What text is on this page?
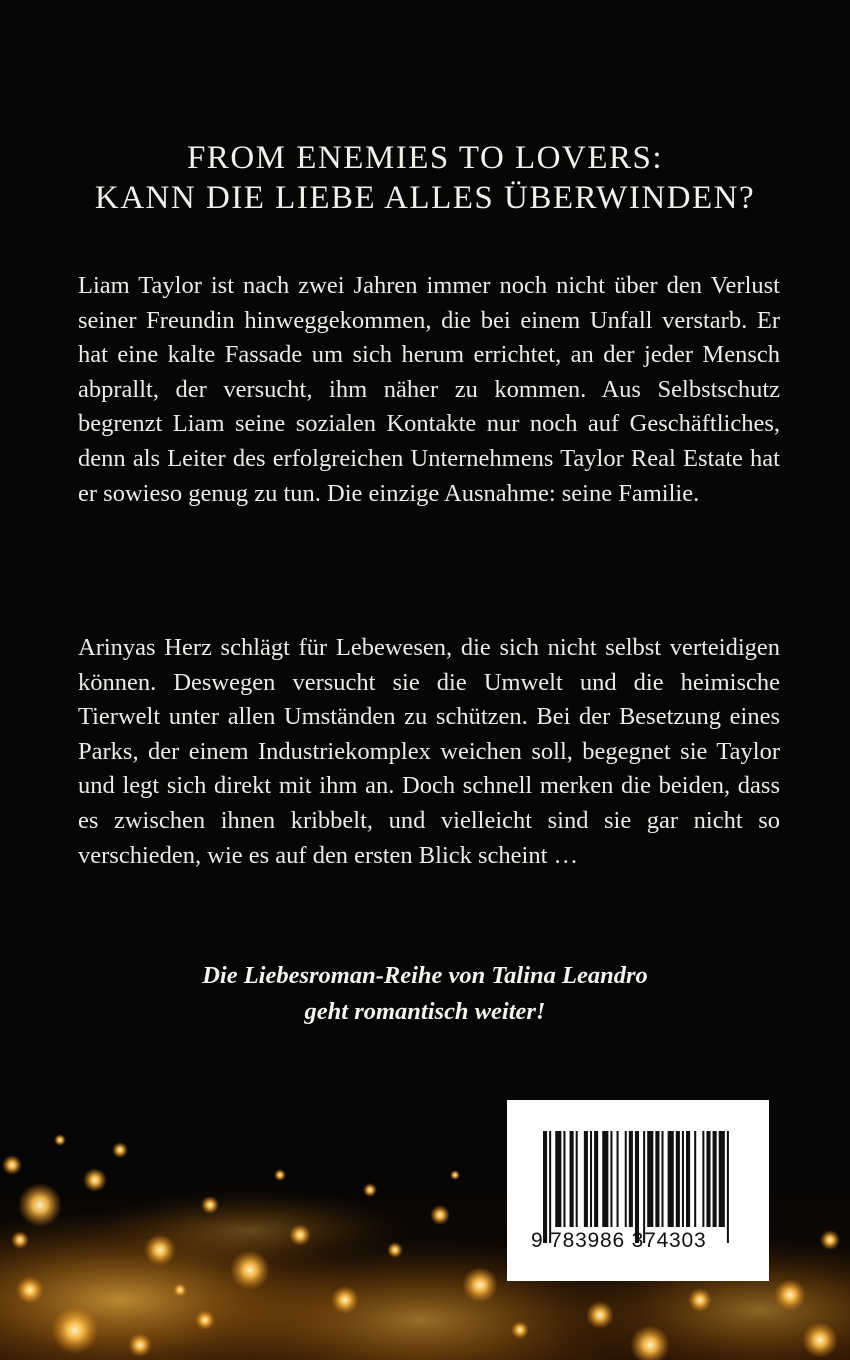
FROM ENEMIES TO LOVERS:
KANN DIE LIEBE ALLES ÜBERWINDEN?

Liam Taylor ist nach zwei Jahren immer noch nicht über den Verlust seiner Freundin hinweggekommen, die bei einem Unfall verstarb. Er hat eine kalte Fassade um sich herum errichtet, an der jeder Mensch abprallt, der versucht, ihm näher zu kommen. Aus Selbstschutz begrenzt Liam seine sozialen Kontakte nur noch auf Geschäftliches, denn als Leiter des erfolgreichen Unternehmens Taylor Real Estate hat er sowieso genug zu tun. Die einzige Ausnahme: seine Familie.

Arinyas Herz schlägt für Lebewesen, die sich nicht selbst verteidigen können. Deswegen versucht sie die Umwelt und die heimische Tierwelt unter allen Umständen zu schützen. Bei der Besetzung eines Parks, der einem Industriekomplex weichen soll, begegnet sie Taylor und legt sich direkt mit ihm an. Doch schnell merken die beiden, dass es zwischen ihnen kribbelt, und vielleicht sind sie gar nicht so verschieden, wie es auf den ersten Blick scheint …

Die Liebesroman-Reihe von Talina Leandro
geht romantisch weiter!
9 783986 374303
